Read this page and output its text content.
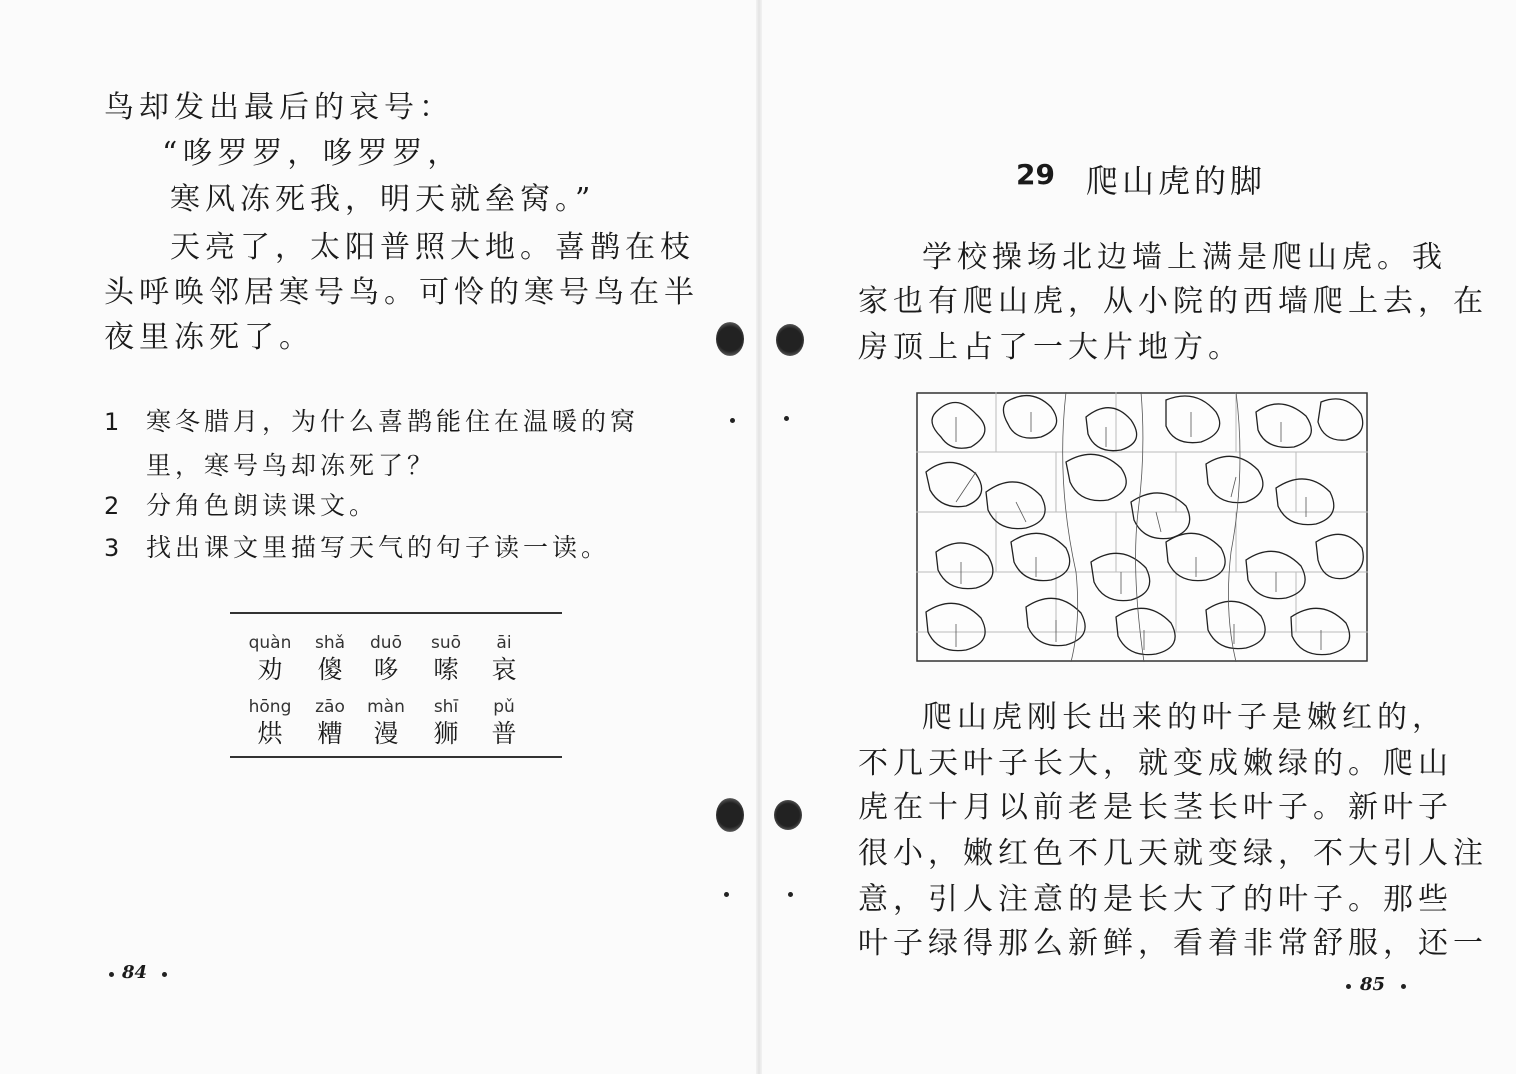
鸟却发出最后的哀号：
“哆罗罗，哆罗罗，
寒风冻死我，明天就垒窝。”
天亮了，太阳普照大地。喜鹊在枝
头呼唤邻居寒号鸟。可怜的寒号鸟在半
夜里冻死了。
1 寒冬腊月，为什么喜鹊能住在温暖的窝
里，寒号鸟却冻死了？
2 分角色朗读课文。
3 找出课文里描写天气的句子读一读。
quàn
劝
shǎ
傻
duō
哆
suō
嗦
āi
哀
hōng
烘
zāo
糟
màn
漫
shī
狮
pǔ
普
84
29 爬山虎的脚
学校操场北边墙上满是爬山虎。我
家也有爬山虎，从小院的西墙爬上去，在
房顶上占了一大片地方。
爬山虎刚长出来的叶子是嫩红的，
不几天叶子长大，就变成嫩绿的。爬山
虎在十月以前老是长茎长叶子。新叶子
很小，嫩红色不几天就变绿，不大引人注
意，引人注意的是长大了的叶子。那些
叶子绿得那么新鲜，看着非常舒服，还一
85
